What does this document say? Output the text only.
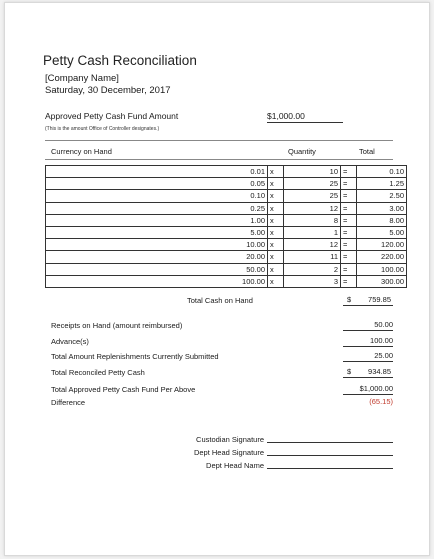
Petty Cash Reconciliation
[Company Name]
Saturday, 30 December, 2017
Approved Petty Cash Fund Amount	$1,000.00
(This is the amount Office of Controller designates.)
Currency on Hand	Quantity	Total
0.01	x	10	=	0.10
0.05	x	25	=	1.25
0.10	x	25	=	2.50
0.25	x	12	=	3.00
1.00	x	8	=	8.00
5.00	x	1	=	5.00
10.00	x	12	=	120.00
20.00	x	11	=	220.00
50.00	x	2	=	100.00
100.00	x	3	=	300.00
Total Cash on Hand	$ 759.85
Receipts on Hand (amount reimbursed)	50.00
Advance(s)	100.00
Total Amount Replenishments Currently Submitted	25.00
Total Reconciled Petty Cash	$ 934.85
Total Approved Petty Cash Fund Per Above	$1,000.00
Difference	(65.15)
Custodian Signature
Dept Head Signature
Dept Head Name
